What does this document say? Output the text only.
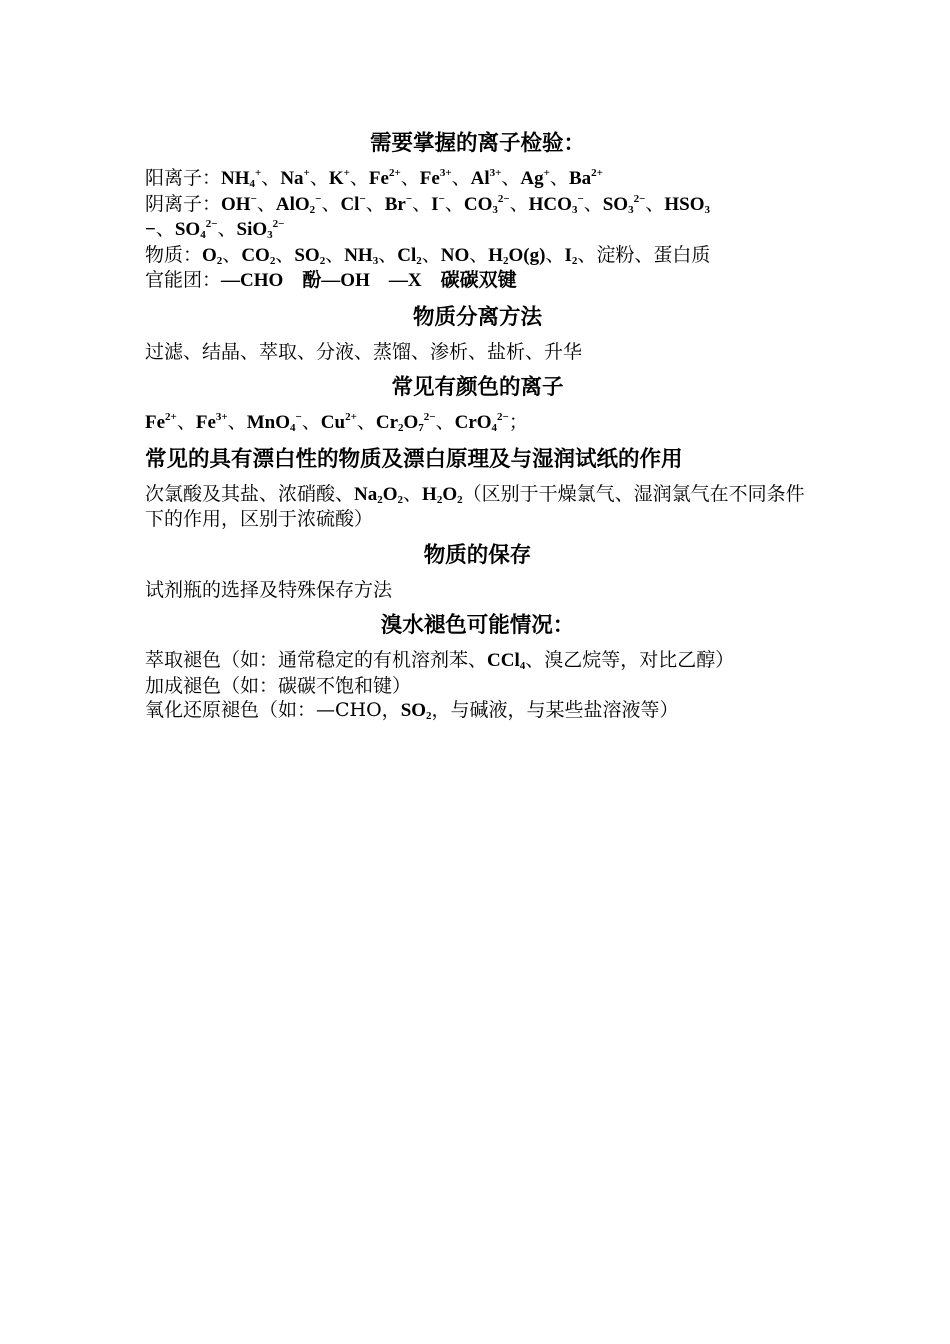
需要掌握的离子检验：

阳离子：$NH_4^+$、Na+、K+、$Fe^{2+}$、$Fe^{3+}$、$Al^{3+}$、Ag+、$Ba^{2+}$

阴离子：OH−、AlO$_2$−、Cl−、Br−、I−、$CO_3^{2-}$、$HCO_3^-$、$SO_3^{2-}$、$HSO_3$
−、$SO_4^{2-}$、SiO$_3^{2-}$

物质：$O_2$、$CO_2$、$SO_2$、$NH_3$、$Cl_2$、NO、$H_2O(g)$、$I_2$、淀粉、蛋白质

官能团：—CHO　酚—OH　—X　碳碳双键

物质分离方法

过滤、结晶、萃取、分液、蒸馏、渗析、盐析、升华

常见有颜色的离子

$Fe^{2+}$、$Fe^{3+}$、MnO$_4$−、$Cu^{2+}$、$Cr_2O_7^{2-}$、CrO$_4^{2-}$；

常见的具有漂白性的物质及漂白原理及与湿润试纸的作用

次氯酸及其盐、浓硝酸、$Na_2O_2$、$H_2O_2$（区别于干燥氯气、湿润氯气在不同条件下的作用，区别于浓硫酸）

物质的保存

试剂瓶的选择及特殊保存方法

溴水褪色可能情况：

萃取褪色（如：通常稳定的有机溶剂苯、CCl$_4$、溴乙烷等，对比乙醇）

加成褪色（如：碳碳不饱和键）

氧化还原褪色（如：—CHO，$SO_2$，与碱液，与某些盐溶液等）
